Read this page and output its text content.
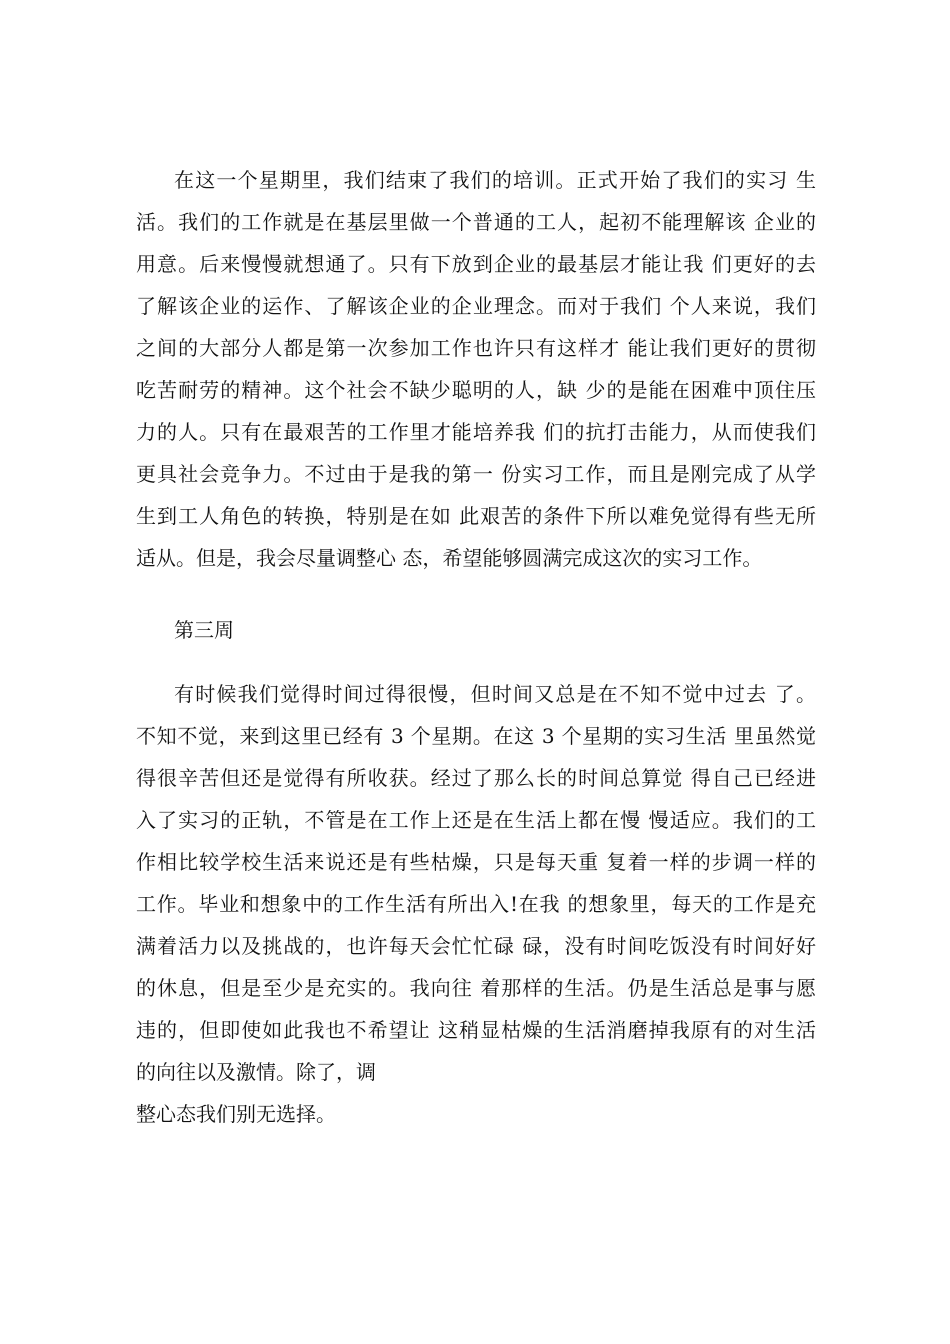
在这一个星期里，我们结束了我们的培训。正式开始了我们的实习 生

活。我们的工作就是在基层里做一个普通的工人，起初不能理解该 企业的

用意。后来慢慢就想通了。只有下放到企业的最基层才能让我 们更好的去

了解该企业的运作、了解该企业的企业理念。而对于我们 个人来说，我们

之间的大部分人都是第一次参加工作也许只有这样才 能让我们更好的贯彻

吃苦耐劳的精神。这个社会不缺少聪明的人，缺 少的是能在困难中顶住压

力的人。只有在最艰苦的工作里才能培养我 们的抗打击能力，从而使我们

更具社会竞争力。不过由于是我的第一 份实习工作，而且是刚完成了从学

生到工人角色的转换，特别是在如 此艰苦的条件下所以难免觉得有些无所

适从。但是，我会尽量调整心 态，希望能够圆满完成这次的实习工作。

第三周

有时候我们觉得时间过得很慢，但时间又总是在不知不觉中过去 了。

不知不觉，来到这里已经有 3 个星期。在这 3 个星期的实习生活 里虽然觉

得很辛苦但还是觉得有所收获。经过了那么长的时间总算觉 得自己已经进

入了实习的正轨，不管是在工作上还是在生活上都在慢 慢适应。我们的工

作相比较学校生活来说还是有些枯燥，只是每天重 复着一样的步调一样的

工作。毕业和想象中的工作生活有所出入!在我 的想象里，每天的工作是充

满着活力以及挑战的，也许每天会忙忙碌 碌，没有时间吃饭没有时间好好

的休息，但是至少是充实的。我向往 着那样的生活。仍是生活总是事与愿

违的，但即使如此我也不希望让 这稍显枯燥的生活消磨掉我原有的对生活

的向往以及激情。除了，调

整心态我们别无选择。
